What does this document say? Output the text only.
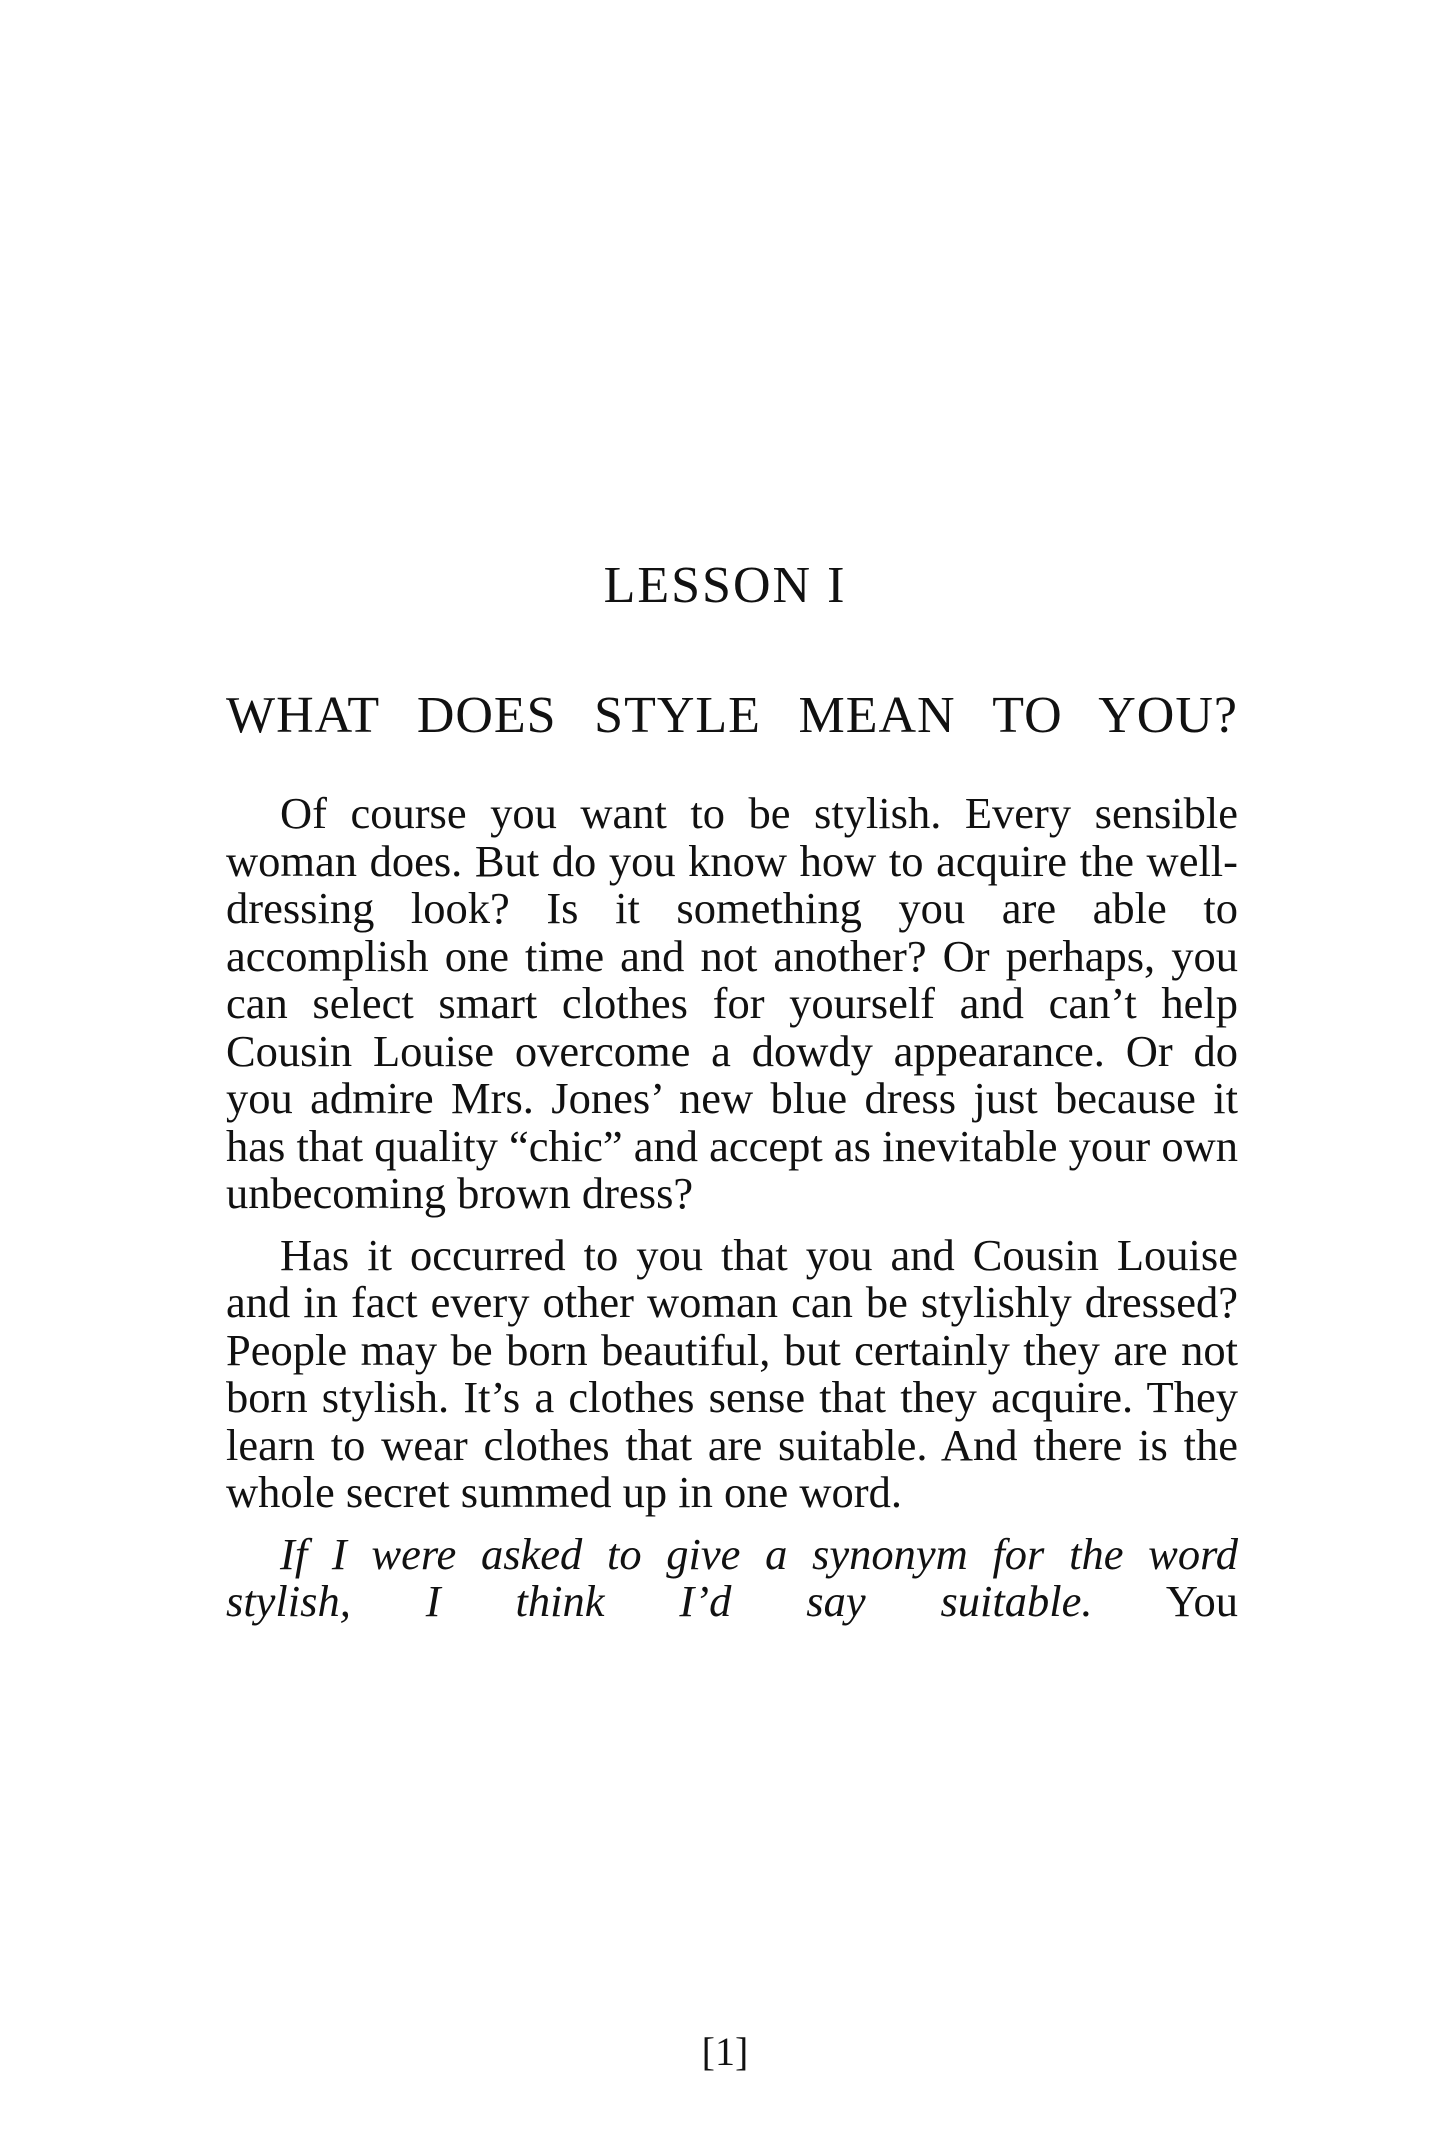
LESSON I
WHAT DOES STYLE MEAN TO YOU?

Of course you want to be stylish. Every sensible woman does. But do you know how to acquire the well-dressing look? Is it something you are able to accomplish one time and not another? Or perhaps, you can select smart clothes for yourself and can’t help Cousin Louise overcome a dowdy appearance. Or do you admire Mrs. Jones’ new blue dress just because it has that quality “chic” and accept as inevitable your own unbecoming brown dress?

Has it occurred to you that you and Cousin Louise and in fact every other woman can be stylishly dressed? People may be born beautiful, but certainly they are not born stylish. It’s a clothes sense that they acquire. They learn to wear clothes that are suitable. And there is the whole secret summed up in one word.

If I were asked to give a synonym for the word stylish, I think I’d say suitable. You

[1]
